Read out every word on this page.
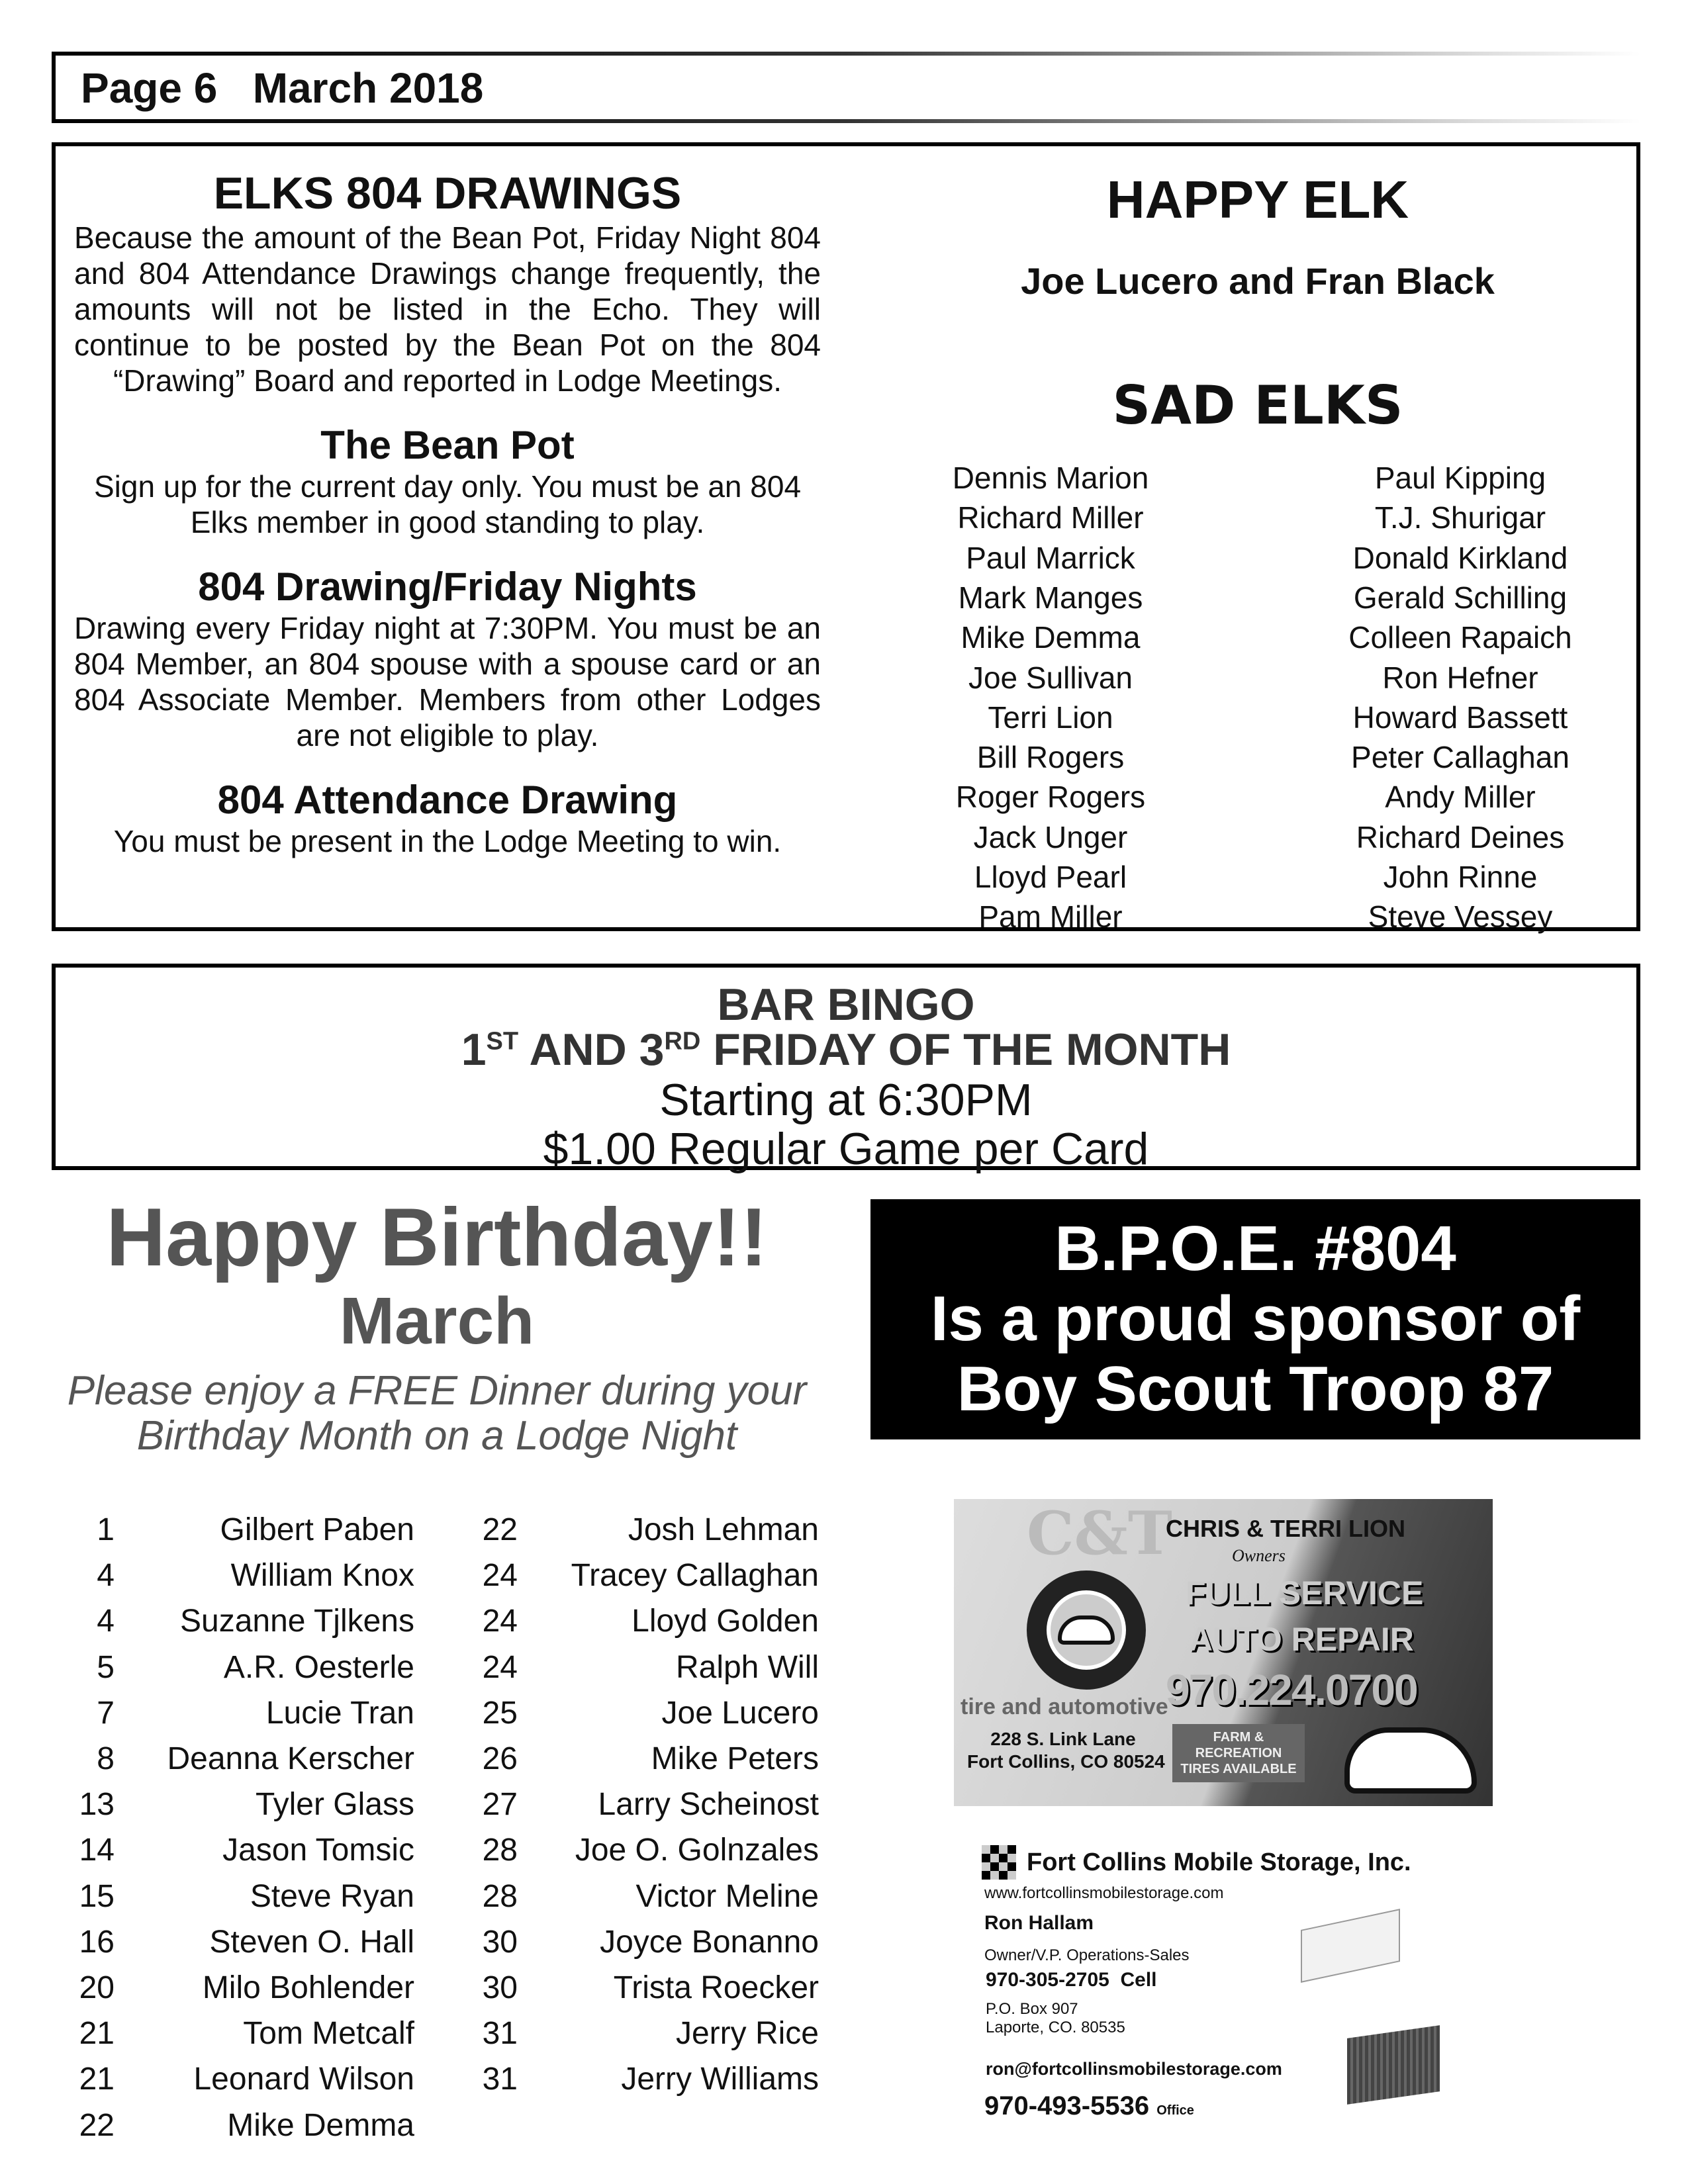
Page 6   March 2018
ELKS 804 DRAWINGS
Because the amount of the Bean Pot, Friday Night 804 and 804 Attendance Drawings change frequently, the amounts will not be listed in the Echo. They will continue to be posted by the Bean Pot on the 804 “Drawing” Board and reported in Lodge Meetings.
The Bean Pot
Sign up for the current day only. You must be an 804 Elks member in good standing to play.
804 Drawing/Friday Nights
Drawing every Friday night at 7:30PM. You must be an 804 Member, an 804 spouse with a spouse card or an 804 Associate Member. Members from other Lodges are not eligible to play.
804 Attendance Drawing
You must be present in the Lodge Meeting to win.
HAPPY ELK
Joe Lucero and Fran Black
SAD ELKS
Dennis Marion
Richard Miller
Paul Marrick
Mark Manges
Mike Demma
Joe Sullivan
Terri Lion
Bill Rogers
Roger Rogers
Jack Unger
Lloyd Pearl
Pam Miller
Paul Kipping
T.J. Shurigar
Donald Kirkland
Gerald Schilling
Colleen Rapaich
Ron Hefner
Howard Bassett
Peter Callaghan
Andy Miller
Richard Deines
John Rinne
Steve Vessey
BAR BINGO
1ST AND 3RD FRIDAY OF THE MONTH
Starting at 6:30PM
$1.00 Regular Game per Card
Happy Birthday!!
March
Please enjoy a FREE Dinner during your Birthday Month on a Lodge Night
1	Gilbert Paben
4	William Knox
4	Suzanne Tjlkens
5	A.R. Oesterle
7	Lucie Tran
8	Deanna Kerscher
13	Tyler Glass
14	Jason Tomsic
15	Steve Ryan
16	Steven O. Hall
20	Milo Bohlender
21	Tom Metcalf
21	Leonard Wilson
22	Mike Demma
22	Josh Lehman
24	Tracey Callaghan
24	Lloyd Golden
24	Ralph Will
25	Joe Lucero
26	Mike Peters
27	Larry Scheinost
28	Joe O. Golnzales
28	Victor Meline
30	Joyce Bonanno
30	Trista Roecker
31	Jerry Rice
31	Jerry Williams
B.P.O.E. #804
Is a proud sponsor of
Boy Scout Troop 87
C&T
tire and automotive
CHRIS & TERRI LION
Owners
FULL SERVICE
AUTO REPAIR
970.224.0700
228 S. Link Lane
Fort Collins, CO 80524
FARM & RECREATION TIRES AVAILABLE
Fort Collins Mobile Storage, Inc.
www.fortcollinsmobilestorage.com
Ron Hallam
Owner/V.P. Operations-Sales
970-305-2705  Cell
P.O. Box 907
Laporte, CO. 80535
ron@fortcollinsmobilestorage.com
970-493-5536 Office
